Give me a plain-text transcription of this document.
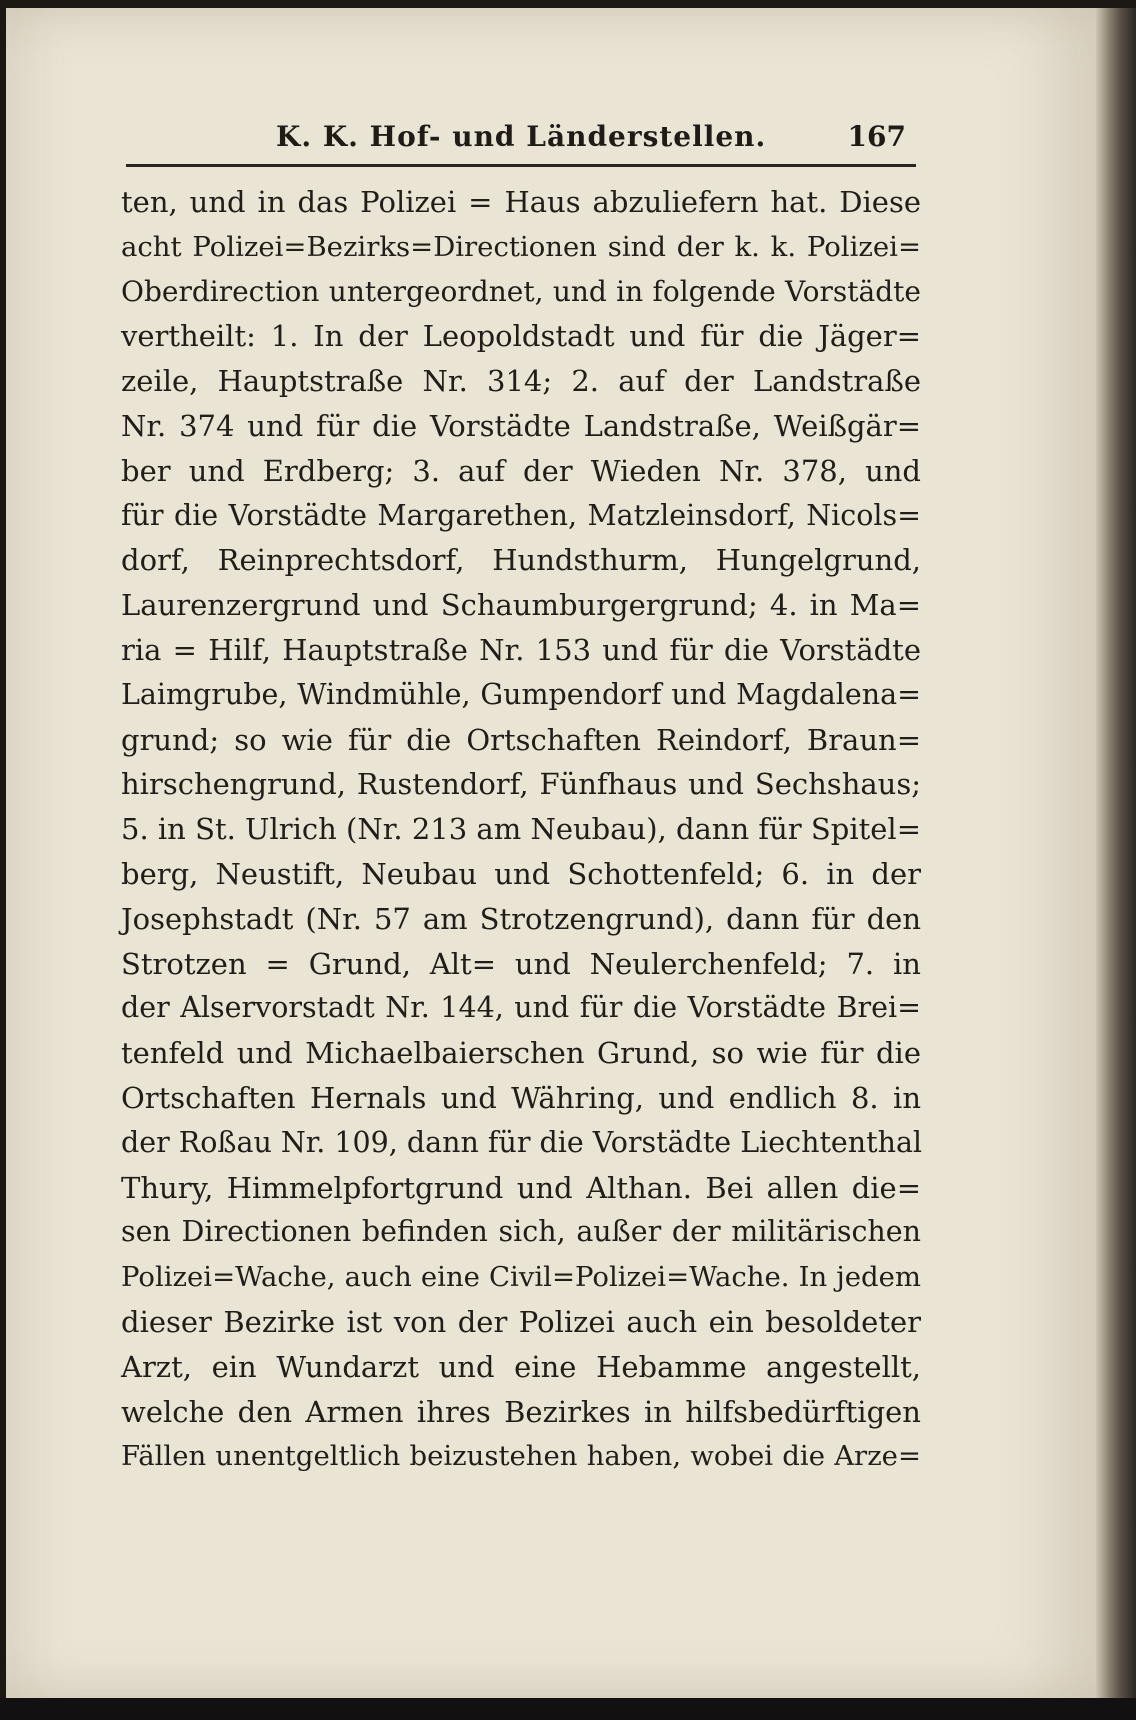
K. K. Hof- und Länderstellen.	167
ten, und in das Polizei = Haus abzuliefern hat. Diese
acht Polizei=Bezirks=Directionen sind der k. k. Polizei=
Oberdirection untergeordnet, und in folgende Vorstädte
vertheilt: 1. In der Leopoldstadt und für die Jäger=
zeile, Hauptstraße Nr. 314; 2. auf der Landstraße
Nr. 374 und für die Vorstädte Landstraße, Weißgär=
ber und Erdberg; 3. auf der Wieden Nr. 378, und
für die Vorstädte Margarethen, Matzleinsdorf, Nicols=
dorf, Reinprechtsdorf, Hundsthurm, Hungelgrund,
Laurenzergrund und Schaumburgergrund; 4. in Ma=
ria = Hilf, Hauptstraße Nr. 153 und für die Vorstädte
Laimgrube, Windmühle, Gumpendorf und Magdalena=
grund; so wie für die Ortschaften Reindorf, Braun=
hirschengrund, Rustendorf, Fünfhaus und Sechshaus;
5. in St. Ulrich (Nr. 213 am Neubau), dann für Spitel=
berg, Neustift, Neubau und Schottenfeld; 6. in der
Josephstadt (Nr. 57 am Strotzengrund), dann für den
Strotzen = Grund, Alt= und Neulerchenfeld; 7. in
der Alservorstadt Nr. 144, und für die Vorstädte Brei=
tenfeld und Michaelbaierschen Grund, so wie für die
Ortschaften Hernals und Währing, und endlich 8. in
der Roßau Nr. 109, dann für die Vorstädte Liechtenthal
Thury, Himmelpfortgrund und Althan. Bei allen die=
sen Directionen befinden sich, außer der militärischen
Polizei=Wache, auch eine Civil=Polizei=Wache. In jedem
dieser Bezirke ist von der Polizei auch ein besoldeter
Arzt, ein Wundarzt und eine Hebamme angestellt,
welche den Armen ihres Bezirkes in hilfsbedürftigen
Fällen unentgeltlich beizustehen haben, wobei die Arze=
